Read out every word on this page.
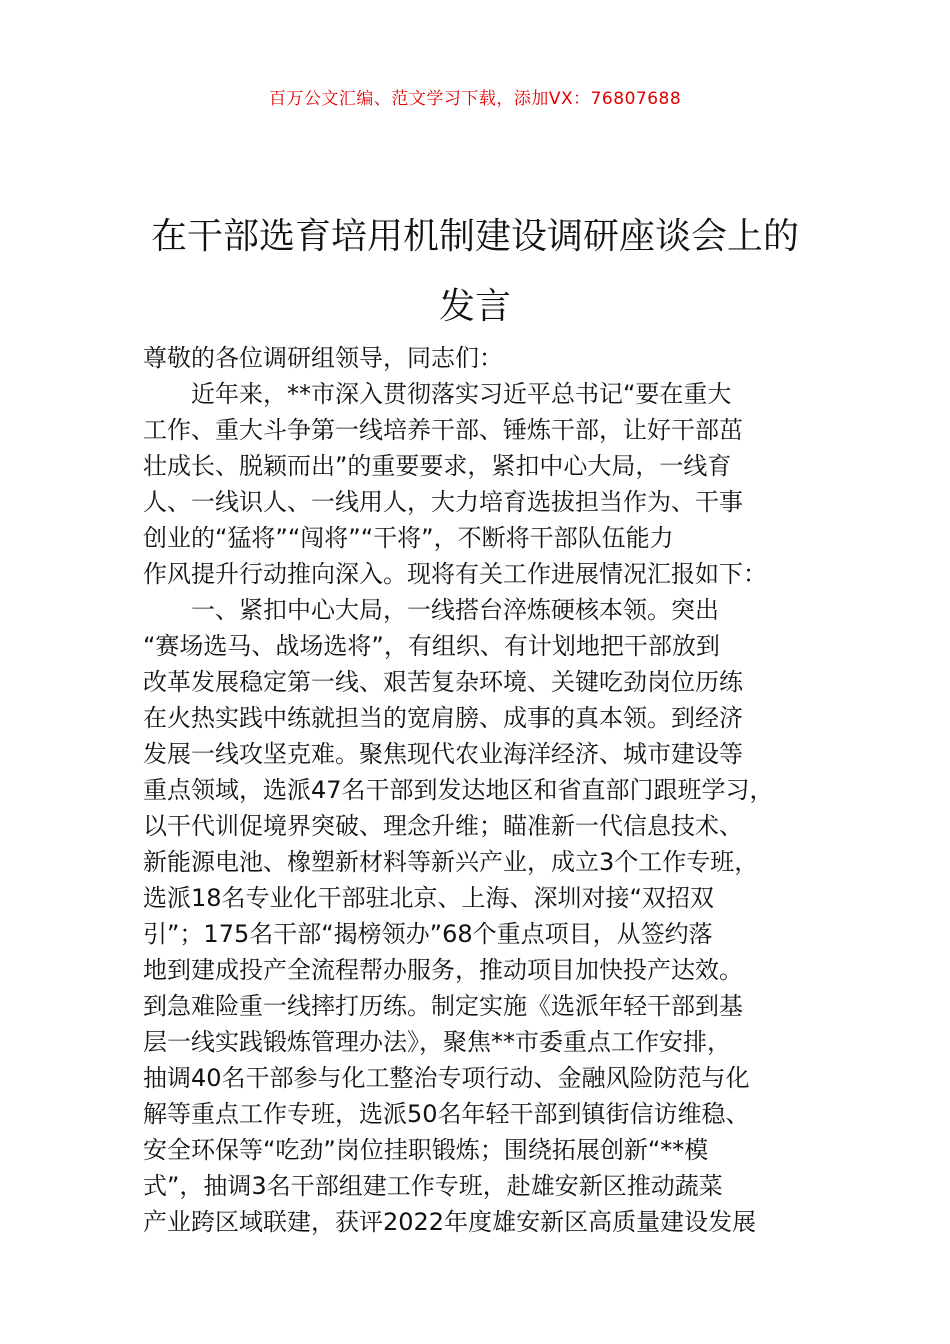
百万公文汇编、范文学习下载，添加VX：76807688
在干部选育培用机制建设调研座谈会上的
发言
尊敬的各位调研组领导，同志们：
近年来，**市深入贯彻落实习近平总书记“要在重大
工作、重大斗争第一线培养干部、锤炼干部，让好干部茁
壮成长、脱颖而出”的重要要求，紧扣中心大局，一线育
人、一线识人、一线用人，大力培育选拔担当作为、干事
创业的“猛将”“闯将”“干将”，不断将干部队伍能力
作风提升行动推向深入。现将有关工作进展情况汇报如下：
一、紧扣中心大局，一线搭台淬炼硬核本领。突出
“赛场选马、战场选将”，有组织、有计划地把干部放到
改革发展稳定第一线、艰苦复杂环境、关键吃劲岗位历练
在火热实践中练就担当的宽肩膀、成事的真本领。到经济
发展一线攻坚克难。聚焦现代农业海洋经济、城市建设等
重点领域，选派47名干部到发达地区和省直部门跟班学习，
以干代训促境界突破、理念升维；瞄准新一代信息技术、
新能源电池、橡塑新材料等新兴产业，成立3个工作专班，
选派18名专业化干部驻北京、上海、深圳对接“双招双
引”；175名干部“揭榜领办”68个重点项目，从签约落
地到建成投产全流程帮办服务，推动项目加快投产达效。
到急难险重一线摔打历练。制定实施《选派年轻干部到基
层一线实践锻炼管理办法》，聚焦**市委重点工作安排，
抽调40名干部参与化工整治专项行动、金融风险防范与化
解等重点工作专班，选派50名年轻干部到镇街信访维稳、
安全环保等“吃劲”岗位挂职锻炼；围绕拓展创新“**模
式”，抽调3名干部组建工作专班，赴雄安新区推动蔬菜
产业跨区域联建，获评2022年度雄安新区高质量建设发展
